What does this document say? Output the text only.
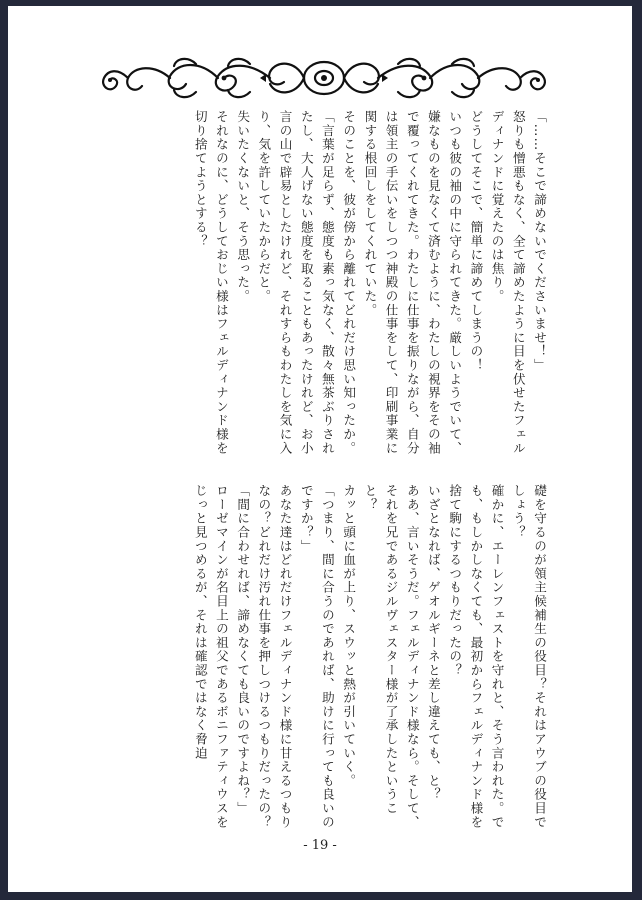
「……そこで諦めないでくださいませ！」

怒りも憎悪もなく、全て諦めたように目を伏せたフェルディナンドに覚えたのは焦り。

どうしてそこで、簡単に諦めてしまうの！

いつも彼の袖の中に守られてきた。厳しいようでいて、嫌なものを見なくて済むように、わたしの視界をその袖で覆ってくれてきた。わたしに仕事を振りながら、自分は領主の手伝いをしつつ神殿の仕事をして、印刷事業に関する根回しをしてくれていた。

そのことを、彼が傍から離れてどれだけ思い知ったか。

「言葉が足らず、態度も素っ気なく、散々無茶ぶりされたし、大人げない態度を取ることもあったけれど、お小言の山で辟易としたけれど、それすらもわたしを気に入り、気を許していたからだと。

失いたくないと、そう思った。

それなのに、どうしておじい様はフェルディナンド様を切り捨てようとする？

礎を守るのが領主候補生の役目？それはアウブの役目でしょう？

確かに、エーレンフェストを守れと、そう言われた。でも、もしかしなくても、最初からフェルディナンド様を捨て駒にするつもりだったの？

いざとなれば、ゲオルギーネと差し違えても、と？

ああ、言いそうだ。フェルディナンド様なら。そして、それを兄であるジルヴェスター様が了承したということ？

カッと頭に血が上り、スウッと熱が引いていく。

「つまり、間に合うのであれば、助けに行っても良いのですか？」

あなた達はどれだけフェルディナンド様に甘えるつもりなの？どれだけ汚れ仕事を押しつけるつもりだったの？

「間に合わせれば、諦めなくても良いのですよね？」

ローゼマインが名目上の祖父であるボニファティウスをじっと見つめるが、それは確認ではなく脅迫

- 19 -
